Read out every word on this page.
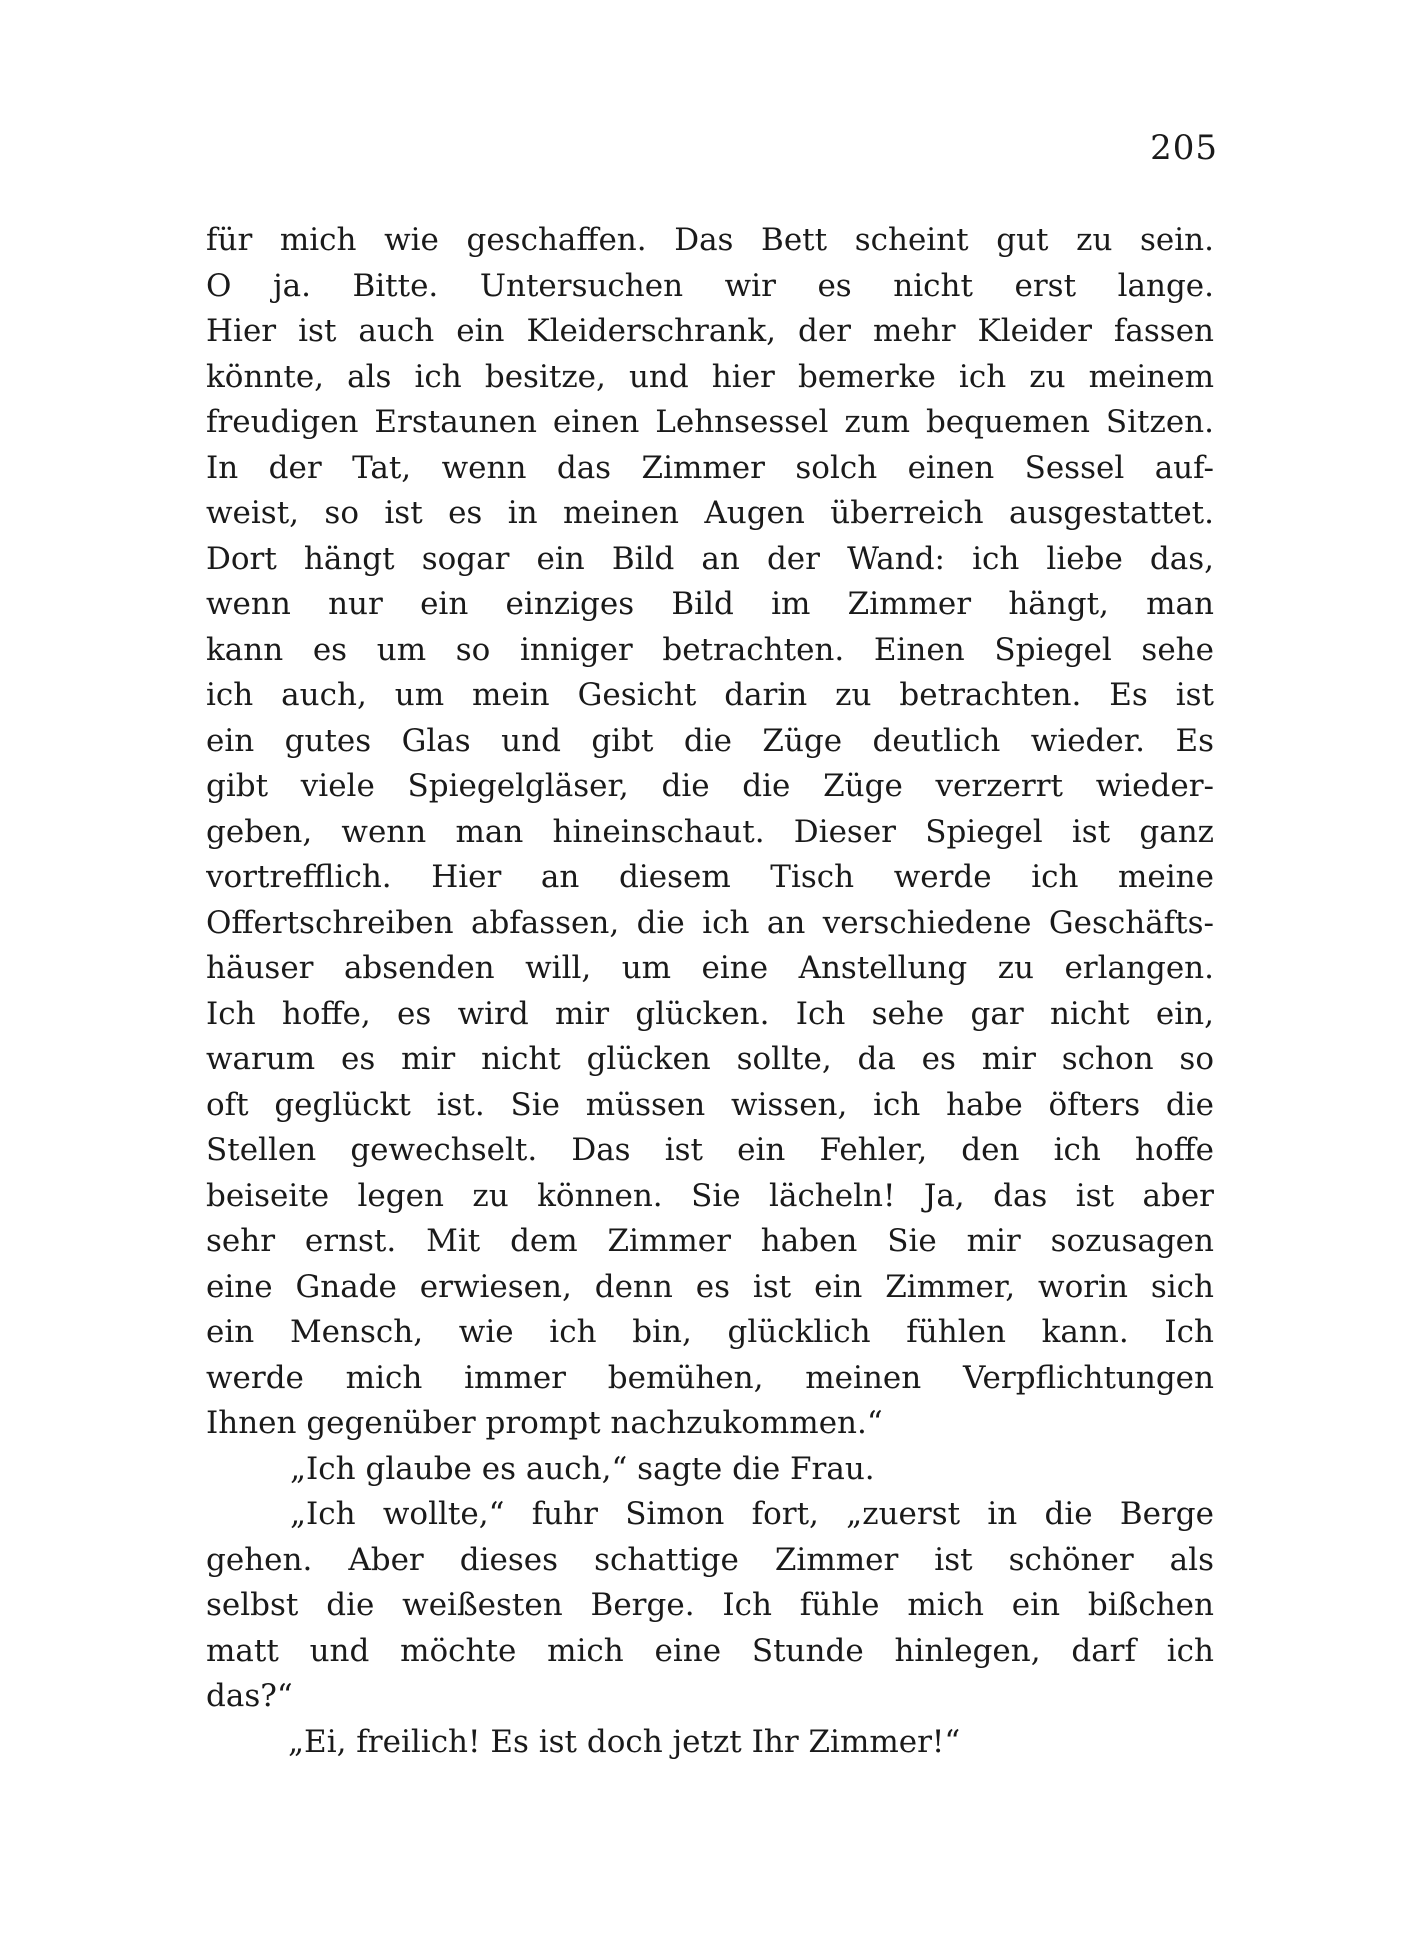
205
für mich wie geschaffen. Das Bett scheint gut zu sein.
O ja. Bitte. Untersuchen wir es nicht erst lange.
Hier ist auch ein Kleiderschrank, der mehr Kleider fassen
könnte, als ich besitze, und hier bemerke ich zu meinem
freudigen Erstaunen einen Lehnsessel zum bequemen Sitzen.
In der Tat, wenn das Zimmer solch einen Sessel auf-
weist, so ist es in meinen Augen überreich ausgestattet.
Dort hängt sogar ein Bild an der Wand: ich liebe das,
wenn nur ein einziges Bild im Zimmer hängt, man
kann es um so inniger betrachten. Einen Spiegel sehe
ich auch, um mein Gesicht darin zu betrachten. Es ist
ein gutes Glas und gibt die Züge deutlich wieder. Es
gibt viele Spiegelgläser, die die Züge verzerrt wieder-
geben, wenn man hineinschaut. Dieser Spiegel ist ganz
vortrefflich. Hier an diesem Tisch werde ich meine
Offertschreiben abfassen, die ich an verschiedene Geschäfts-
häuser absenden will, um eine Anstellung zu erlangen.
Ich hoffe, es wird mir glücken. Ich sehe gar nicht ein,
warum es mir nicht glücken sollte, da es mir schon so
oft geglückt ist. Sie müssen wissen, ich habe öfters die
Stellen gewechselt. Das ist ein Fehler, den ich hoffe
beiseite legen zu können. Sie lächeln! Ja, das ist aber
sehr ernst. Mit dem Zimmer haben Sie mir sozusagen
eine Gnade erwiesen, denn es ist ein Zimmer, worin sich
ein Mensch, wie ich bin, glücklich fühlen kann. Ich
werde mich immer bemühen, meinen Verpflichtungen
Ihnen gegenüber prompt nachzukommen.“
„Ich glaube es auch,“ sagte die Frau.
„Ich wollte,“ fuhr Simon fort, „zuerst in die Berge
gehen. Aber dieses schattige Zimmer ist schöner als
selbst die weißesten Berge. Ich fühle mich ein bißchen
matt und möchte mich eine Stunde hinlegen, darf ich
das?“
„Ei, freilich! Es ist doch jetzt Ihr Zimmer!“
